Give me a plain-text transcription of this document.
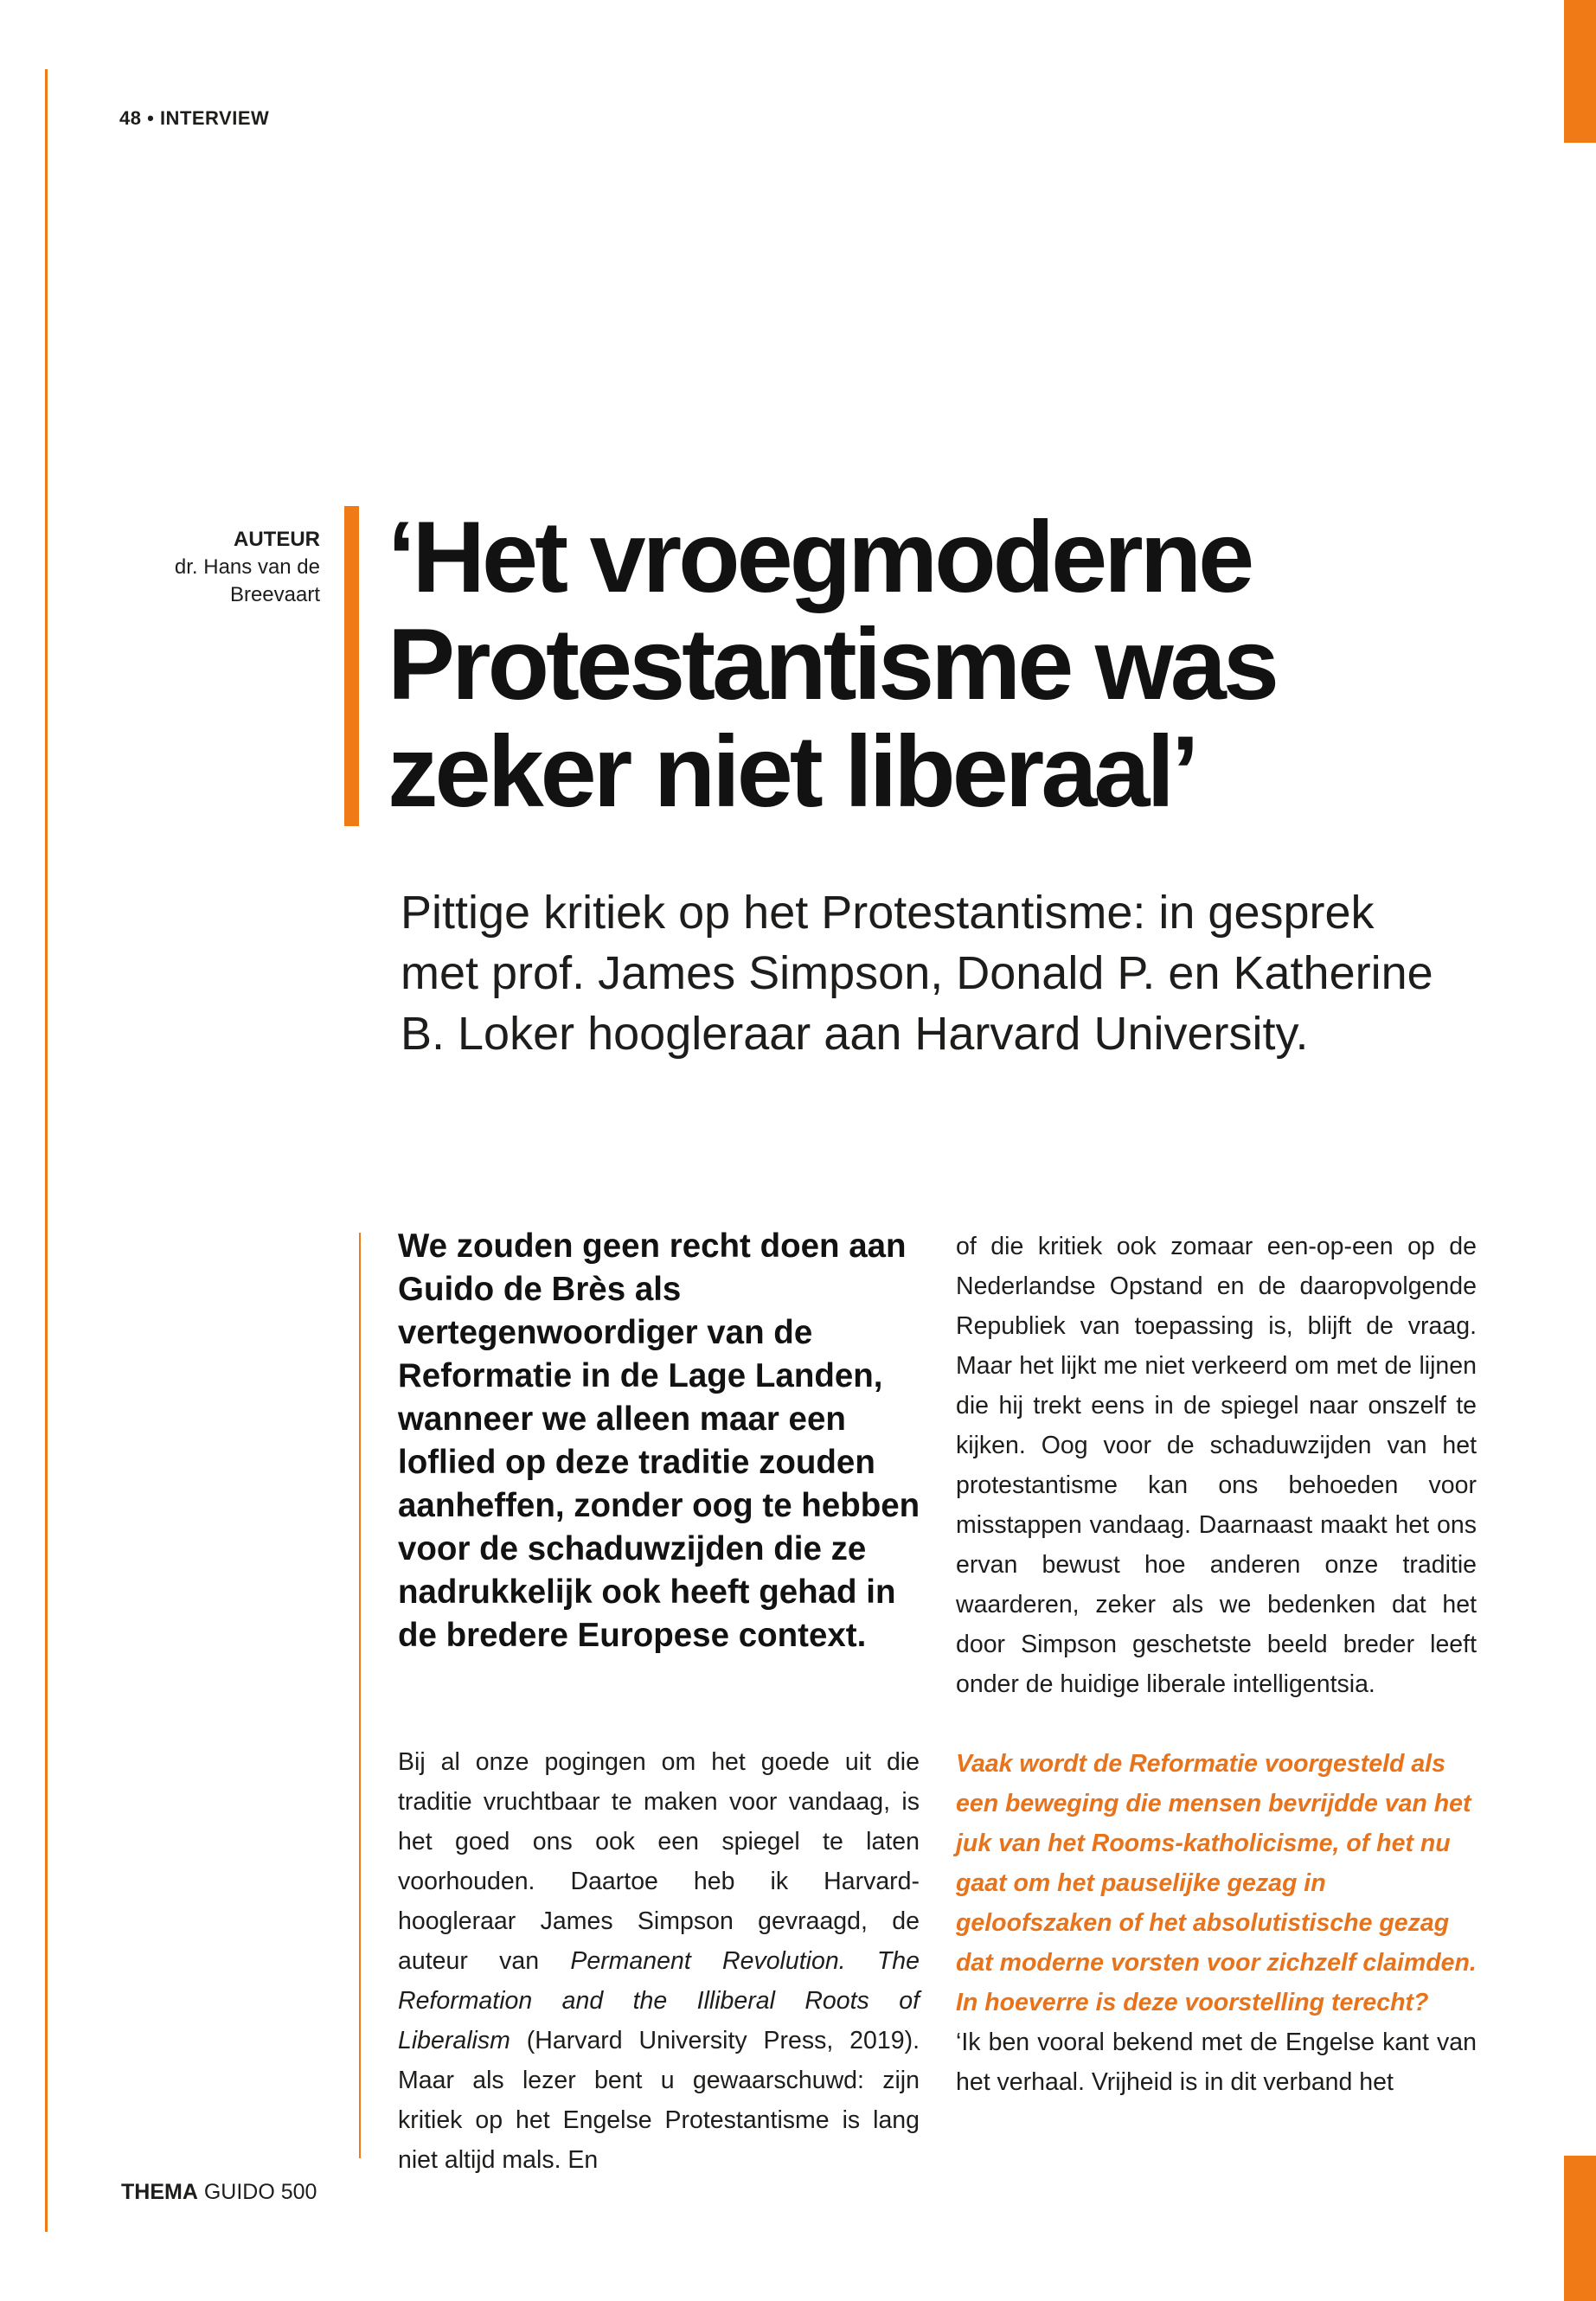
48 • INTERVIEW
AUTEUR
dr. Hans van de Breevaart ‘Het vroegmoderne Protestantisme was zeker niet liberaal’

Pittige kritiek op het Protestantisme: in gesprek met prof. James Simpson, Donald P. en Katherine B. Loker hoogleraar aan Harvard University.

We zouden geen recht doen aan Guido de Brès als vertegenwoordiger van de Reformatie in de Lage Landen, wanneer we alleen maar een loflied op deze traditie zouden aanheffen, zonder oog te hebben voor de schaduwzijden die ze nadrukkelijk ook heeft gehad in de bredere Europese context.

Bij al onze pogingen om het goede uit die traditie vruchtbaar te maken voor vandaag, is het goed ons ook een spiegel te laten voorhouden. Daartoe heb ik Harvard-hoogleraar James Simpson gevraagd, de auteur van Permanent Revolution. The Reformation and the Illiberal Roots of Liberalism (Harvard University Press, 2019). Maar als lezer bent u gewaarschuwd: zijn kritiek op het Engelse Protestantisme is lang niet altijd mals. En

of die kritiek ook zomaar een-op-een op de Nederlandse Opstand en de daaropvolgende Republiek van toepassing is, blijft de vraag. Maar het lijkt me niet verkeerd om met de lijnen die hij trekt eens in de spiegel naar onszelf te kijken. Oog voor de schaduwzijden van het protestantisme kan ons behoeden voor misstappen vandaag. Daarnaast maakt het ons ervan bewust hoe anderen onze traditie waarderen, zeker als we bedenken dat het door Simpson geschetste beeld breder leeft onder de huidige liberale intelligentsia.

Vaak wordt de Reformatie voorgesteld als een beweging die mensen bevrijdde van het juk van het Rooms-katholicisme, of het nu gaat om het pauselijke gezag in geloofszaken of het absolutistische gezag dat moderne vorsten voor zichzelf claimden. In hoeverre is deze voorstelling terecht?

‘Ik ben vooral bekend met de Engelse kant van het verhaal. Vrijheid is in dit verband het

THEMA GUIDO 500
